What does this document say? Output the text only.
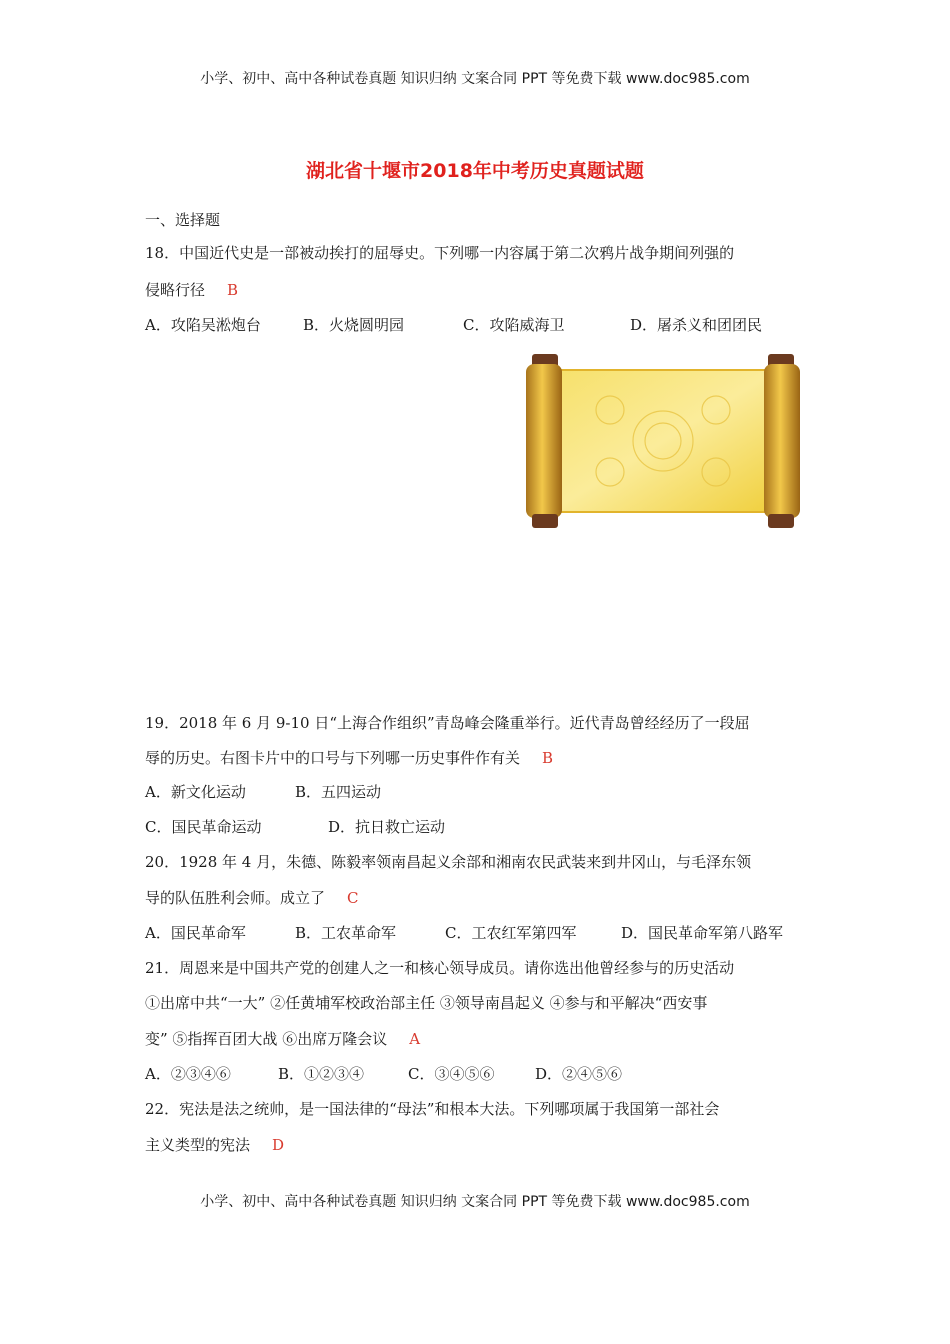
小学、初中、高中各种试卷真题 知识归纳 文案合同 PPT 等免费下载 www.doc985.com
湖北省十堰市2018年中考历史真题试题
一、选择题
18．中国近代史是一部被动挨打的屈辱史。下列哪一内容属于第二次鸦片战争期间列强的
侵略行径 B
A．攻陷吴淞炮台	B．火烧圆明园	C．攻陷威海卫	D．屠杀义和团团民
19．2018 年 6 月 9-10 日“上海合作组织”青岛峰会隆重举行。近代青岛曾经经历了一段屈
辱的历史。右图卡片中的口号与下列哪一历史事件作有关 B
A．新文化运动	B．五四运动
C．国民革命运动	D．抗日救亡运动
20．1928 年 4 月，朱德、陈毅率领南昌起义余部和湘南农民武装来到井冈山，与毛泽东领
导的队伍胜利会师。成立了 C
A．国民革命军	B．工农革命军	C．工农红军第四军	D．国民革命军第八路军
21．周恩来是中国共产党的创建人之一和核心领导成员。请你选出他曾经参与的历史活动
①出席中共“一大” ②任黄埔军校政治部主任 ③领导南昌起义 ④参与和平解决“西安事
变” ⑤指挥百团大战 ⑥出席万隆会议 A
A．②③④⑥	B．①②③④	C．③④⑤⑥	D．②④⑤⑥
22．宪法是法之统帅，是一国法律的“母法”和根本大法。下列哪项属于我国第一部社会
主义类型的宪法 D
小学、初中、高中各种试卷真题 知识归纳 文案合同 PPT 等免费下载 www.doc985.com
